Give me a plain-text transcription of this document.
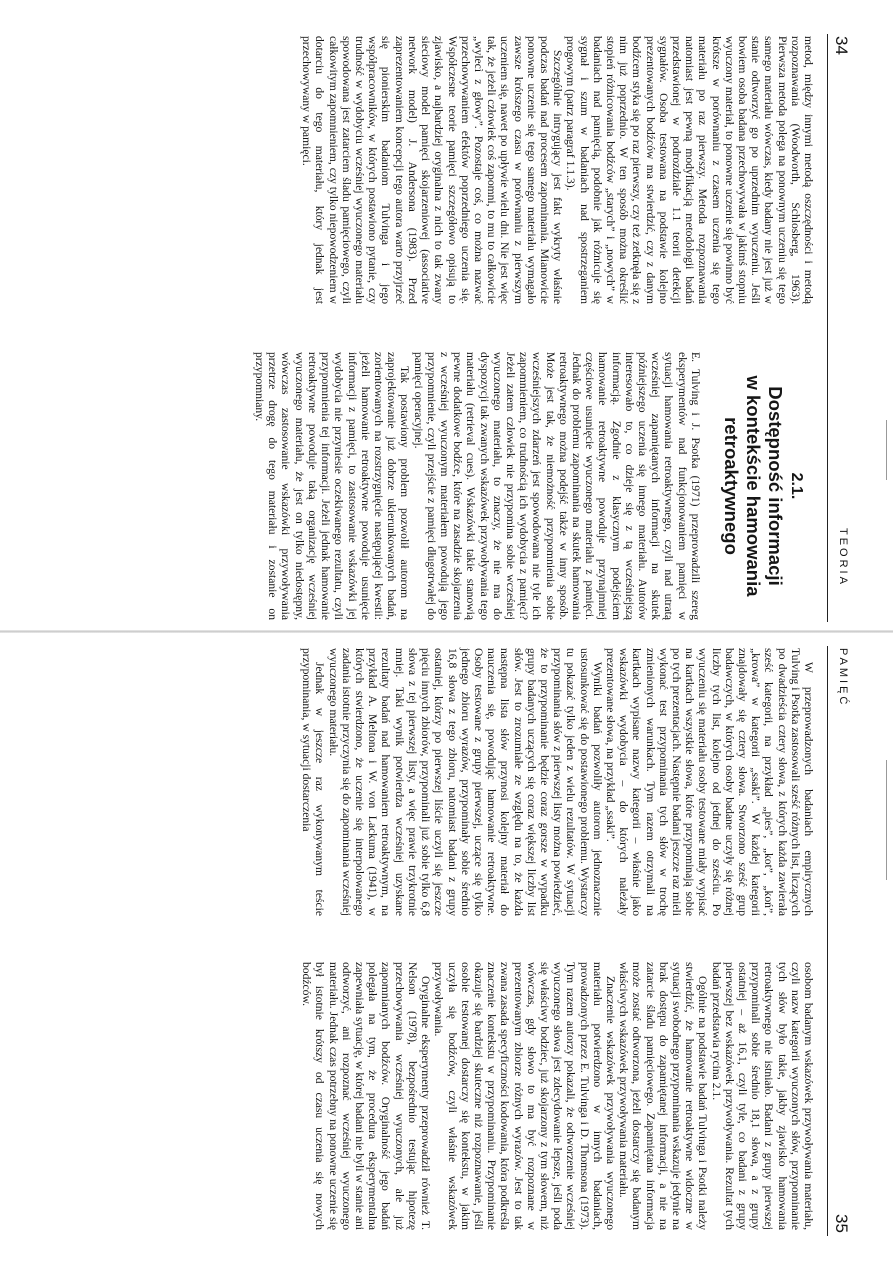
34
TEORIA

metod, między innymi metodą oszczędności i metodą rozpoznawania (Woodworth, Schlosberg, 1963). Pierwsza metoda polega na ponownym uczeniu się tego samego materiału wówczas, kiedy badany nie jest już w stanie odtworzyć go po uprzednim wyuczeniu. Jeśli bowiem osoba badana przechowywała w jakimś stopniu wyuczony materiał, to ponowne uczenie się powinno być krótsze w porównaniu z czasem uczenia się tego materiału po raz pierwszy. Metoda rozpoznawania natomiast jest pewną modyfikacją metodologii badań przedstawionej w podrozdziale 1.1 teorii detekcji sygnałów. Osoba testowana na podstawie kolejno prezentowanych bodźców ma stwierdzić, czy z danym bodźcem styka się po raz pierwszy, czy też zetknęła się z nim już poprzednio. W ten sposób można określić stopień różnicowania bodźców „starych” i „nowych” w badaniach nad pamięcią, podobnie jak różnicuje się sygnał i szum w badaniach nad spostrzeganiem progowym (patrz paragraf 1.1.3).

Szczególnie intrygujący jest fakt wykryty właśnie podczas badań nad procesem zapominania. Mianowicie ponowne uczenie się tego samego materiału wymagało zawsze krótszego czasu w porównaniu z pierwszym uczeniem się, nawet po upływie wielu dni. Nie jest więc tak, że jeżeli człowiek coś zapomni, to mu to całkowicie „wylecì z głowy”. Pozostaje coś, co można nazwać przechowywaniem efektów poprzedniego uczenia się. Współczesne teorie pamięci szczegółowo opisują to zjawisko, a najbardziej oryginalna z nich to tak zwany sieciowy model pamięci skojarzeniowej (associative network model) J. Andersona (1983). Przed zaprezentowaniem koncepcji tego autora warto przyjrzeć się pionierskim badaniom Tulvinga i jego współpracowników, w których postawiono pytanie, czy trudność w wydobyciu wcześniej wyuczonego materiału spowodowana jest zatarciem śladu pamięciowego, czyli całkowitym zapomnieniem, czy tylko niepowodzeniem w dotarciu do tego materiału, który jednak jest przechowywany w pamięci.

2.1.
Dostępność informacji
w kontekście hamowania
retroaktywnego

E. Tulving i J. Psotka (1971) przeprowadzili szereg eksperymentów nad funkcjonowaniem pamięci w sytuacji hamowania retroaktywnego, czyli nad utratą wcześniej zapamiętanych informacji na skutek późniejszego uczenia się innego materiału. Autorów interesowało to, co dzieje się z tą wcześniejszą informacją. Zgodnie z klasycznym podejściem hamowanie retroaktywne powoduje przynajmniej częściowe usunięcie wyuczonego materiału z pamięci. Jednak do problemu zapominania na skutek hamowania retroaktywnego można podejść także w inny sposób. Może jest tak, że niemożność przypomnienia sobie wcześniejszych zdarzeń jest spowodowana nie tyle ich zapomnieniem, co trudnością ich wydobycia z pamięci? Jeżeli zatem człowiek nie przypomina sobie wcześniej wyuczonego materiału, to znaczy, że nie ma do dyspozycji tak zwanych wskazówek przywoływania tego materiału (retrieval cues). Wskazówki takie stanowią pewne dodatkowe bodźce, które na zasadzie skojarzenia z wcześniej wyuczonym materiałem powodują jego przypomnienie, czyli przejście z pamięci długotrwałej do pamięci operacyjnej.

Tak postawiony problem pozwolił autorom na zaprojektowanie już dobrze ukierunkowanych badań, zorientowanych na rozstrzygnięcie następującej kwestii: jeżeli hamowanie retroaktywne powoduje usunięcie informacji z pamięci, to zastosowanie wskazówki jej wydobycia nie przyniesie oczekiwanego rezultatu, czyli przypomnienia tej informacji. Jeżeli jednak hamowanie retroaktywne powoduje taką organizację wcześniej wyuczonego materiału, że jest on tylko niedostępny, wówczas zastosowanie wskazówki przywoływania przetrze drogę do tego materiału i zostanie on przypomniany.

PAMIĘĆ
35

W przeprowadzonych badaniach empirycznych Tulving i Psotka zastosowali sześć różnych list, liczących po dwadzieścia cztery słowa, z których każda zawierała sześć kategorii, na przykład „pies”, „kot”, „koń”, „krowa” w kategorii „ssaki”. W każdej kategorii znajdowały się cztery słowa. Stworzono sześć grup badawczych, w których osoby badane uczyły się różnej liczby tych list, kolejno od jednej do sześciu. Po wyuczeniu się materiału osoby testowane miały wypisać na kartkach wszystkie słowa, które przypominają sobie po tych prezentacjach. Następnie badani jeszcze raz mieli wykonać test przypominania tych słów w trochę zmienionych warunkach. Tym razem otrzymali na kartkach wypisane nazwy kategorii – właśnie jako wskazówki wydobycia – do których należały prezentowane słowa, na przykład „ssaki”.

Wyniki badań pozwoliły autorom jednoznacznie ustosunkować się do postawionego problemu. Wystarczy tu pokazać tylko jeden z wielu rezultatów. W sytuacji przypominania słów z pierwszej listy można powiedzieć, że to przypominanie będzie coraz gorsze w wypadku grupy badanych uczących się coraz większej liczby list słów. Jest to zrozumiałe ze względu na to, że każda następna lista słów przynosi kolejny materiał do nauczenia się, powodując hamowanie retroaktywne. Osoby testowane z grupy pierwszej, uczące się tylko jednego zbioru wyrazów, przypominały sobie średnio 16,8 słowa z tego zbioru, natomiast badani z grupy ostatniej, którzy po pierwszej liście uczyli się jeszcze pięciu innych zbiorów, przypominali już sobie tylko 6,8 słowa z tej pierwszej listy, a więc prawie trzykrotnie mniej. Taki wynik potwierdza wcześniej uzyskane rezultaty badań nad hamowaniem retroaktywnym, na przykład A. Meltona i W. von Lackuma (1941), w których stwierdzono, że uczenie się interpolowanego zadania istotnie przyczynia się do zapominania wcześniej wyuczonego materiału.

Jednak w jeszcze raz wykonywanym teście przypominania, w sytuacji dostarczenia

osobom badanym wskazówek przywoływania materiału, czyli nazw kategorii wyuczonych słów, przypominanie tych słów było takie, jakby zjawisko hamowania retroaktywnego nie istniało. Badani z grupy pierwszej przypominali sobie średnio 18,1 słowa, a z grupy ostatniej – aż 16,1, czyli tyle, co badani z grupy pierwszej bez wskazówek przywoływania. Rezultat tych badań przedstawia rycina 2.1.

Ogólnie na podstawie badań Tulvinga i Psotki należy stwierdzić, że hamowanie retroaktywne widoczne w sytuacji swobodnego przypominania wskazuje jedynie na brak dostępu do zapamiętanej informacji, a nie na zatarcie śladu pamięciowego. Zapamiętana informacja może zostać odtworzona, jeżeli dostarczy się badanym właściwych wskazówek przywoływania materiału.

Znaczenie wskazówek przywoływania wyuczonego materiału potwierdzono w innych badaniach, prowadzonych przez E. Tulvinga i D. Thomsona (1973). Tym razem autorzy pokazali, że odtworzenie wcześniej wyuczonego słowa jest zdecydowanie lepsze, jeśli poda się właściwy bodziec, już skojarzony z tym słowem, niż wówczas, gdy słowo to ma być rozpoznane w prezentowanym zbiorze różnych wyrazów. Jest to tak zwana zasada specyficzności kodowania, która podkreśla znaczenie kontekstu w przypominaniu. Przypominanie okazuje się bardziej skuteczne niż rozpoznawanie, jeśli osobie testowanej dostarczy się kontekstu, w jakim uczyła się bodźców, czyli właśnie wskazówek przywoływania.

Oryginalne eksperymenty przeprowadził również T. Nelson (1978), bezpośrednio testując hipotezę przechowywania wcześniej wyuczonych, ale już zapomnianych bodźców. Oryginalność jego badań polegała na tym, że procedura eksperymentalna zapewniała sytuację, w której badani nie byli w stanie ani odtworzyć, ani rozpoznać wcześniej wyuczonego materiału. Jednak czas potrzebny na ponowne uczenie się był istotnie krótszy od czasu uczenia się nowych bodźców.
